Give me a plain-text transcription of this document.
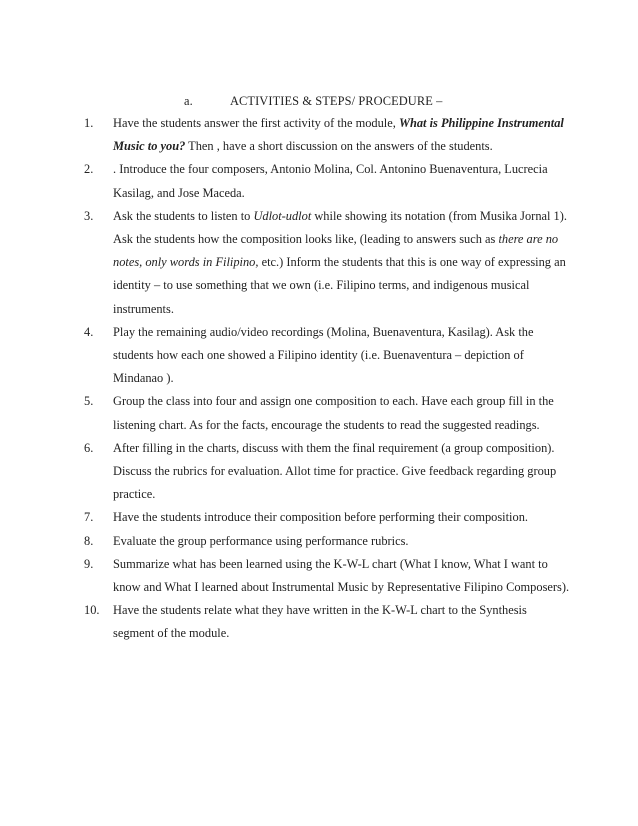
a.	ACTIVITIES & STEPS/ PROCEDURE –
1.	Have the students answer the first activity of the module, What is Philippine Instrumental Music to you? Then , have a short discussion on the answers of the students.
2.	. Introduce the four composers, Antonio Molina, Col. Antonino Buenaventura, Lucrecia Kasilag, and Jose Maceda.
3.	Ask the students to listen to Udlot-udlot while showing its notation (from Musika Jornal 1). Ask the students how the composition looks like, (leading to answers such as there are no notes, only words in Filipino, etc.) Inform the students that this is one way of expressing an identity – to use something that we own (i.e. Filipino terms, and indigenous musical instruments.
4.	Play the remaining audio/video recordings (Molina, Buenaventura, Kasilag). Ask the students how each one showed a Filipino identity (i.e. Buenaventura – depiction of Mindanao ).
5.	Group the class into four and assign one composition to each. Have each group fill in the listening chart. As for the facts, encourage the students to read the suggested readings.
6.	After filling in the charts, discuss with them the final requirement (a group composition). Discuss the rubrics for evaluation. Allot time for practice. Give feedback regarding group practice.
7.	Have the students introduce their composition before performing their composition.
8.	Evaluate the group performance using performance rubrics.
9.	Summarize what has been learned using the K-W-L chart (What I know, What I want to know and What I learned about Instrumental Music by Representative Filipino Composers).
10.	Have the students relate what they have written in the K-W-L chart to the Synthesis segment of the module.
